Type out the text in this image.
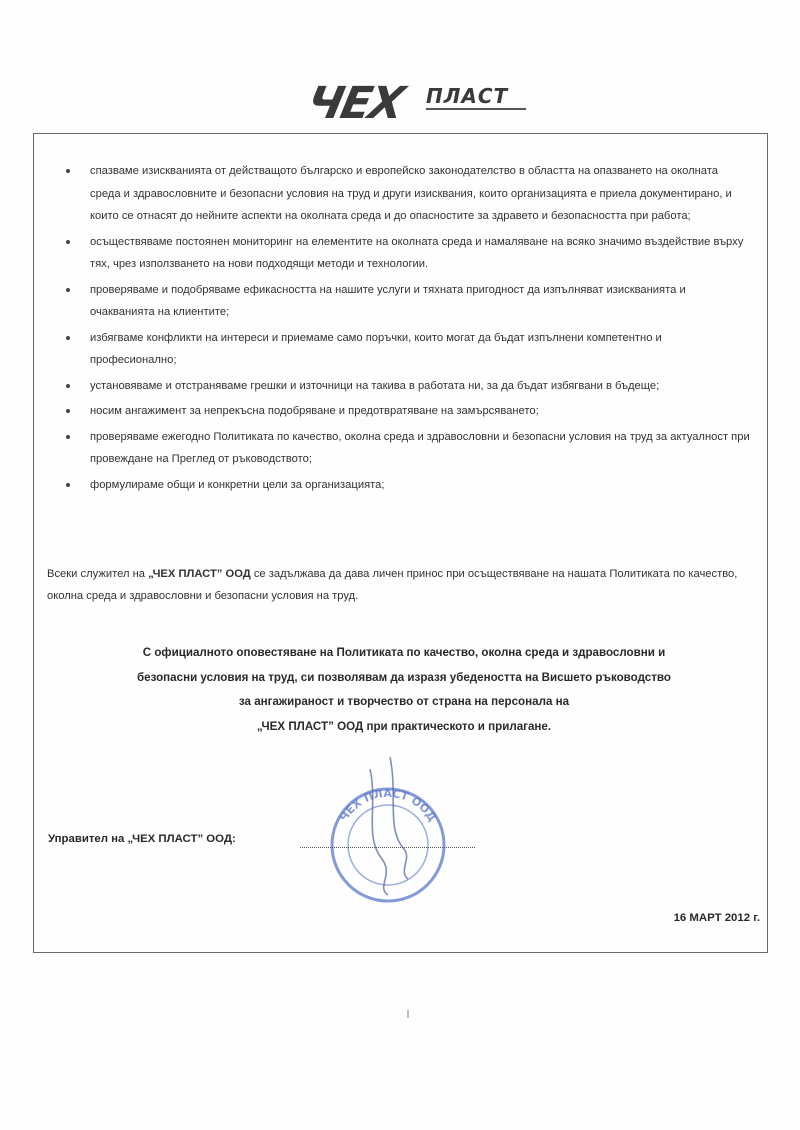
ЧЕХ ПЛАСТ
спазваме изискванията от действащото българско и европейско законодателство в областта на опазването на околната среда и здравословните и безопасни условия на труд и други изисквания, които организацията е приела документирано, и които се отнасят до нейните аспекти на околната среда и до опасностите за здравето и безопасността при работа;
осъществяваме постоянен мониторинг на елементите на околната среда и намаляване на всяко значимо въздействие върху тях, чрез използването на нови подходящи методи и технологии.
проверяваме и подобряваме ефикасността на нашите услуги и тяхната пригодност да изпълняват изискванията и очакванията на клиентите;
избягваме конфликти на интереси и приемаме само поръчки, които могат да бъдат изпълнени компетентно и професионално;
установяваме и отстраняваме грешки и източници на такива в работата ни, за да бъдат избягвани в бъдеще;
носим ангажимент за непрекъсна подобряване и предотвратяване на замърсяването;
проверяваме ежегодно Политиката по качество, околна среда и здравословни и безопасни условия на труд за актуалност при провеждане на Преглед от ръководството;
формулираме общи и конкретни цели за организацията;
Всеки служител на „ЧЕХ ПЛАСТ” ООД се задължава да дава личен принос при осъществяване на нашата Политиката по качество, околна среда и здравословни и безопасни условия на труд.
С официалното оповестяване на Политиката по качество, околна среда и здравословни и
безопасни условия на труд, си позволявам да изразя убедеността на Висшето ръководство
за ангажираност и творчество от страна на персонала на
„ЧЕХ ПЛАСТ” ООД при практическото и прилагане.
ЧЕХ ПЛАСТ ООД
Управител на „ЧЕХ ПЛАСТ” ООД:
16 МАРТ 2012 г.
